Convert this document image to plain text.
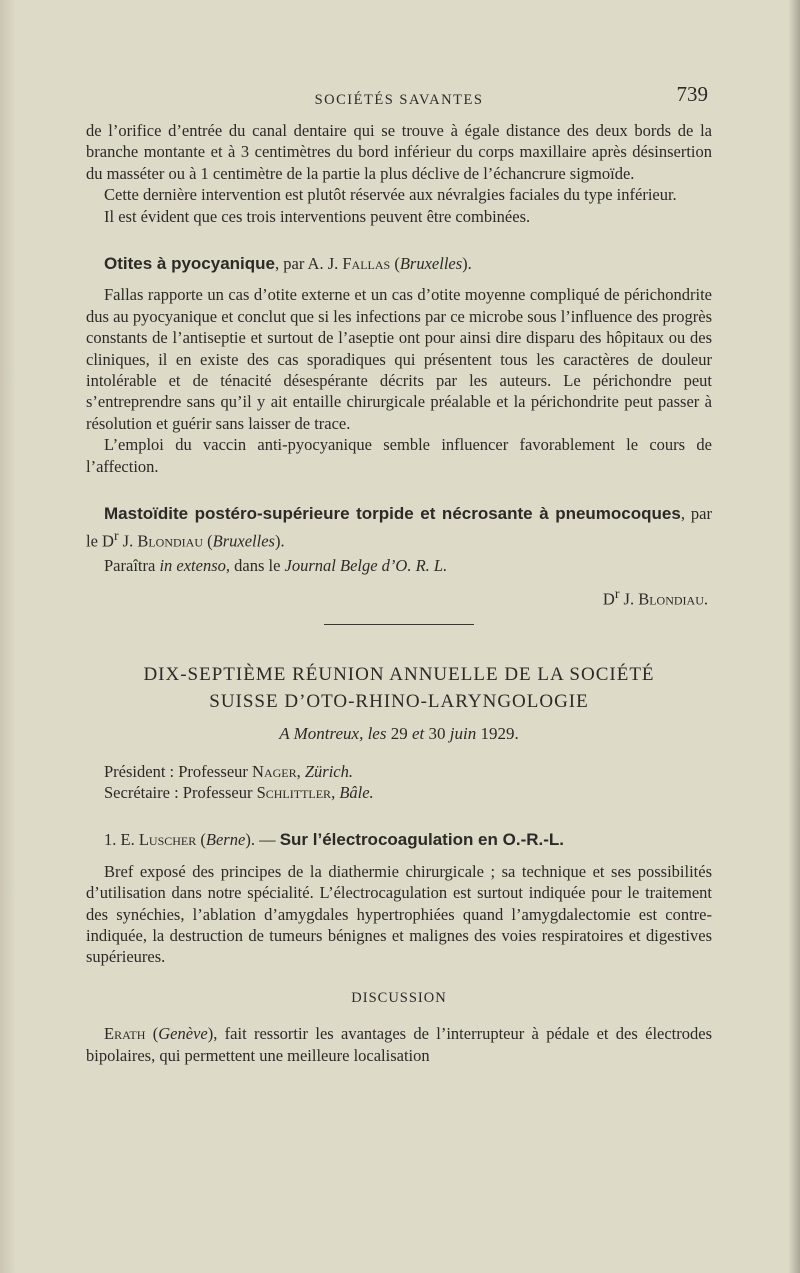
SOCIÉTÉS SAVANTES	739

de l’orifice d’entrée du canal dentaire qui se trouve à égale distance des deux bords de la branche montante et à 3 centimètres du bord inférieur du corps maxillaire après désinsertion du masséter ou à 1 centimètre de la partie la plus déclive de l’échancrure sigmoïde.

Cette dernière intervention est plutôt réservée aux névralgies faciales du type inférieur.

Il est évident que ces trois interventions peuvent être combinées.

Otites à pyocyanique, par A. J. Fallas (Bruxelles).

Fallas rapporte un cas d’otite externe et un cas d’otite moyenne compliqué de périchondrite dus au pyocyanique et conclut que si les infections par ce microbe sous l’influence des progrès constants de l’antiseptie et surtout de l’aseptie ont pour ainsi dire disparu des hôpitaux ou des cliniques, il en existe des cas sporadiques qui présentent tous les caractères de douleur intolérable et de ténacité désespérante décrits par les auteurs. Le périchondre peut s’entreprendre sans qu’il y ait entaille chirurgicale préalable et la périchondrite peut passer à résolution et guérir sans laisser de trace.

L’emploi du vaccin anti-pyocyanique semble influencer favorablement le cours de l’affection.

Mastoïdite postéro-supérieure torpide et nécrosante à pneumocoques, par le $D^r$ J. Blondiau (Bruxelles).

Paraîtra in extenso, dans le Journal Belge d’O. R. L.

$D^r$ J. Blondiau.

DIX-SEPTIÈME RÉUNION ANNUELLE DE LA SOCIÉTÉ
SUISSE D’OTO-RHINO-LARYNGOLOGIE
A Montreux, les 29 et 30 juin 1929.

Président : Professeur Nager, Zürich.

Secrétaire : Professeur Schlittler, Bâle.

1. E. Luscher (Berne). — Sur l’électrocoagulation en O.-R.-L.

Bref exposé des principes de la diathermie chirurgicale ; sa technique et ses possibilités d’utilisation dans notre spécialité. L’électrocagulation est surtout indiquée pour le traitement des synéchies, l’ablation d’amygdales hypertrophiées quand l’amygdalectomie est contre-indiquée, la destruction de tumeurs bénignes et malignes des voies respiratoires et digestives supérieures.

DISCUSSION

Erath (Genève), fait ressortir les avantages de l’interrupteur à pédale et des électrodes bipolaires, qui permettent une meilleure localisation
